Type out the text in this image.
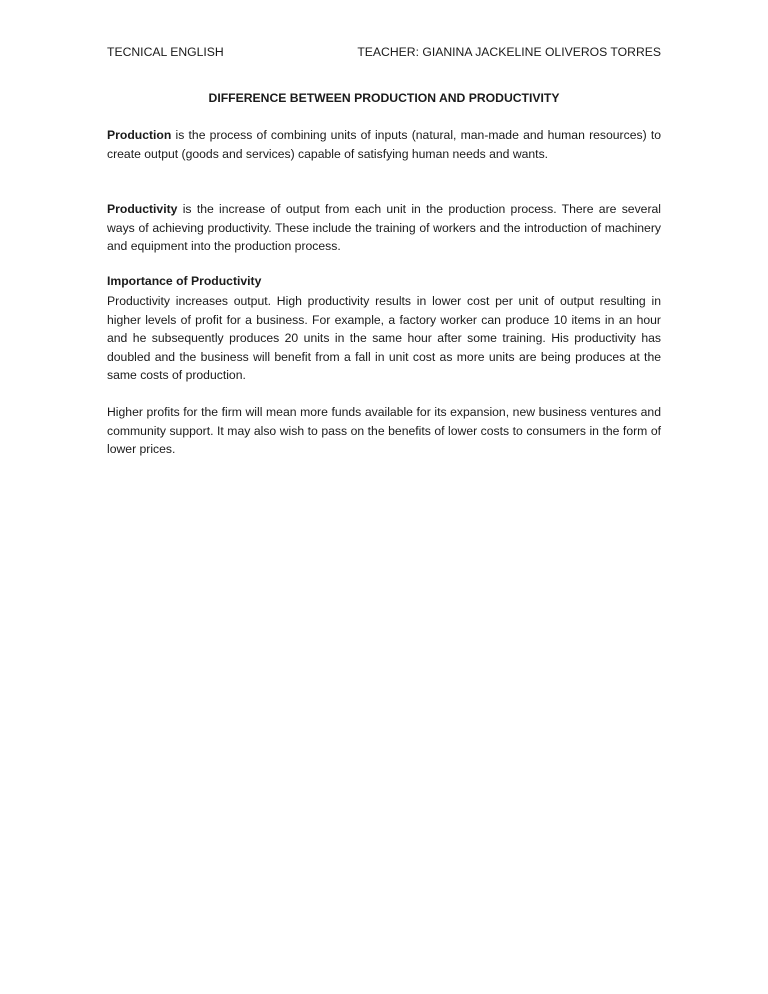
TECNICAL ENGLISH	TEACHER: GIANINA JACKELINE OLIVEROS TORRES
DIFFERENCE BETWEEN PRODUCTION AND PRODUCTIVITY

Production is the process of combining units of inputs (natural, man-made and human resources) to create output (goods and services) capable of satisfying human needs and wants.

Productivity is the increase of output from each unit in the production process. There are several ways of achieving productivity. These include the training of workers and the introduction of machinery and equipment into the production process.

Importance of Productivity

Productivity increases output. High productivity results in lower cost per unit of output resulting in higher levels of profit for a business. For example, a factory worker can produce 10 items in an hour and he subsequently produces 20 units in the same hour after some training. His productivity has doubled and the business will benefit from a fall in unit cost as more units are being produces at the same costs of production.

Higher profits for the firm will mean more funds available for its expansion, new business ventures and community support. It may also wish to pass on the benefits of lower costs to consumers in the form of lower prices.
